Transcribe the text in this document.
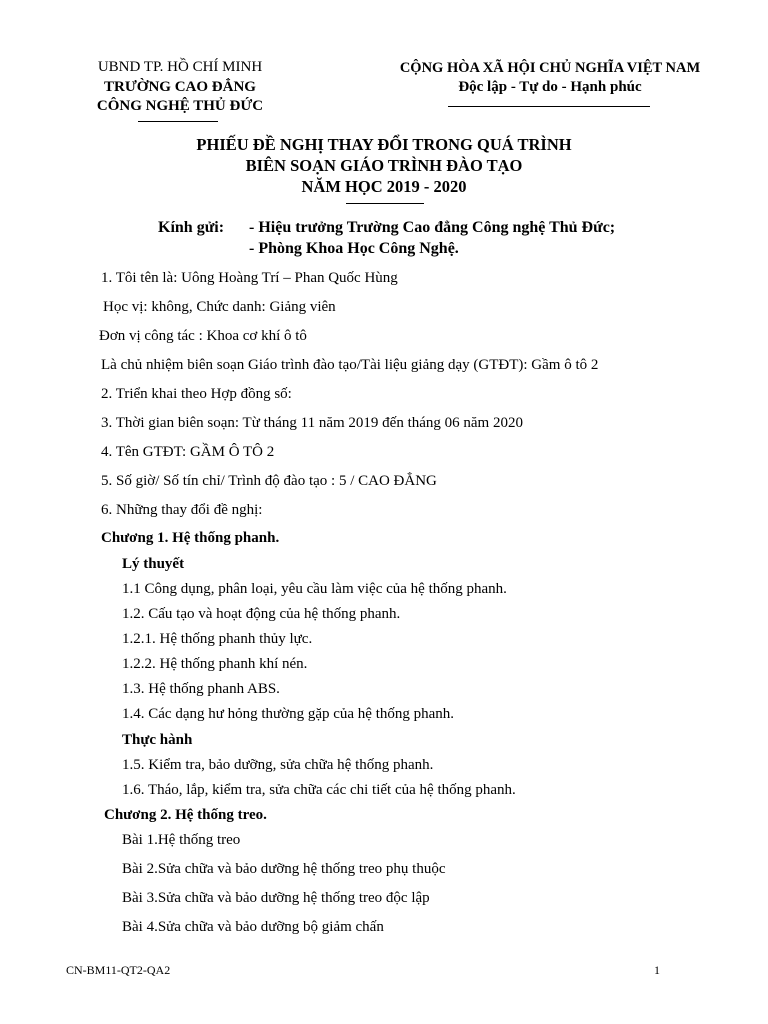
UBND TP. HỒ CHÍ MINH
TRƯỜNG CAO ĐẲNG
CÔNG NGHỆ THỦ ĐỨC
CỘNG HÒA XÃ HỘI CHỦ NGHĨA VIỆT NAM
Độc lập - Tự do - Hạnh phúc
PHIẾU ĐỀ NGHỊ THAY ĐỔI TRONG QUÁ TRÌNH
BIÊN SOẠN GIÁO TRÌNH ĐÀO TẠO
NĂM HỌC 2019 - 2020
Kính gửi: - Hiệu trưởng Trường Cao đẳng Công nghệ Thủ Đức;
- Phòng Khoa Học Công Nghệ.
1. Tôi tên là: Uông Hoàng Trí – Phan Quốc Hùng
Học vị: không, Chức danh: Giảng viên
Đơn vị công tác : Khoa cơ khí ô tô
Là chủ nhiệm biên soạn Giáo trình đào tạo/Tài liệu giảng dạy (GTĐT): Gầm ô tô 2
2. Triển khai theo Hợp đồng số:
3. Thời gian biên soạn: Từ tháng 11 năm 2019 đến tháng 06 năm 2020
4. Tên GTĐT: GẦM Ô TÔ 2
5. Số giờ/ Số tín chỉ/ Trình độ đào tạo : 5 / CAO ĐẲNG
6. Những thay đổi đề nghị:
Chương 1. Hệ thống phanh.
Lý thuyết
1.1 Công dụng, phân loại, yêu cầu làm việc của hệ thống phanh.
1.2. Cấu tạo và hoạt động của hệ thống phanh.
1.2.1. Hệ thống phanh thủy lực.
1.2.2. Hệ thống phanh khí nén.
1.3. Hệ thống phanh ABS.
1.4. Các dạng hư hỏng thường gặp của hệ thống phanh.
Thực hành
1.5. Kiểm tra, bảo dưỡng, sửa chữa hệ thống phanh.
1.6. Tháo, lắp, kiểm tra, sửa chữa các chi tiết của hệ thống phanh.
Chương 2. Hệ thống treo.
Bài 1.Hệ thống treo
Bài 2.Sửa chữa và bảo dưỡng hệ thống treo phụ thuộc
Bài 3.Sửa chữa và bảo dưỡng hệ thống treo độc lập
Bài 4.Sửa chữa và bảo dưỡng bộ giảm chấn
CN-BM11-QT2-QA2	1
